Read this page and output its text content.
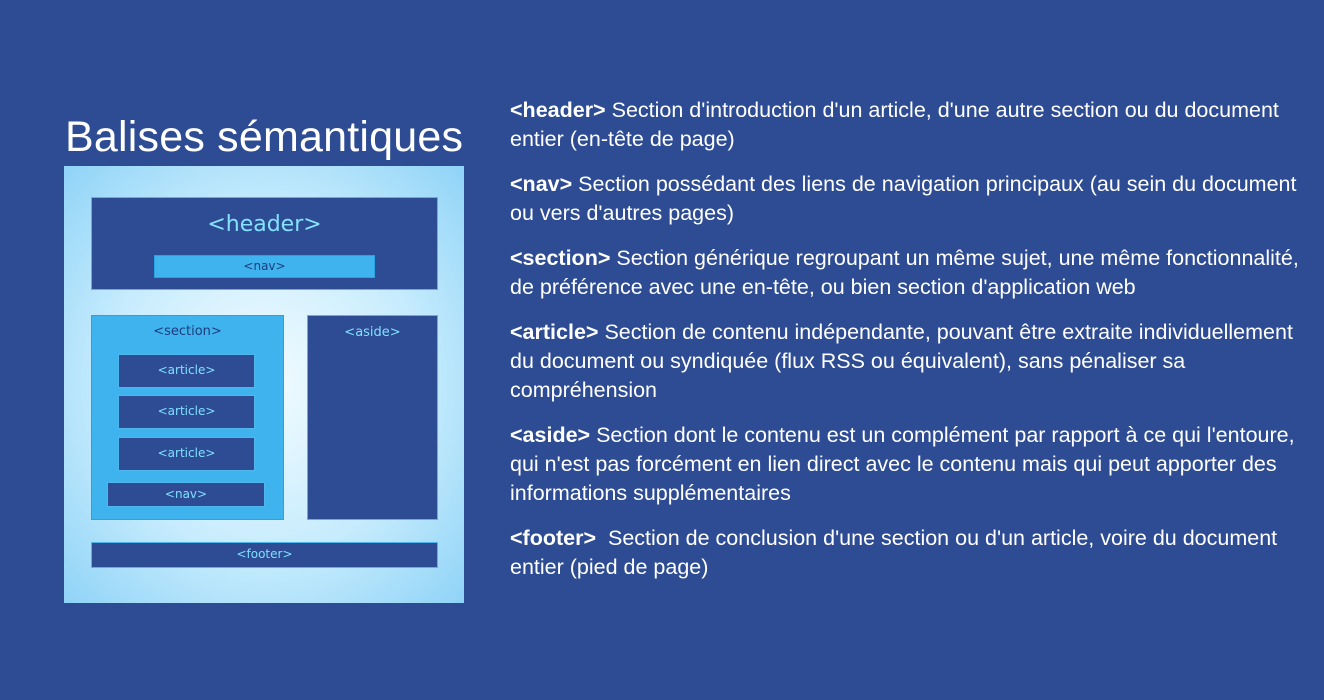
Balises sémantiques
<header>
<nav>
<section>
<article>
<article>
<article>
<nav>
<aside>
<footer>

<header> Section d'introduction d'un article, d'une autre section ou du document entier (en-tête de page)

<nav> Section possédant des liens de navigation principaux (au sein du document ou vers d'autres pages)

<section> Section générique regroupant un même sujet, une même fonctionnalité, de préférence avec une en-tête, ou bien section d'application web

<article> Section de contenu indépendante, pouvant être extraite individuellement du document ou syndiquée (flux RSS ou équivalent), sans pénaliser sa compréhension

<aside> Section dont le contenu est un complément par rapport à ce qui l'entoure, qui n'est pas forcément en lien direct avec le contenu mais qui peut apporter des informations supplémentaires

<footer>  Section de conclusion d'une section ou d'un article, voire du document entier (pied de page)
